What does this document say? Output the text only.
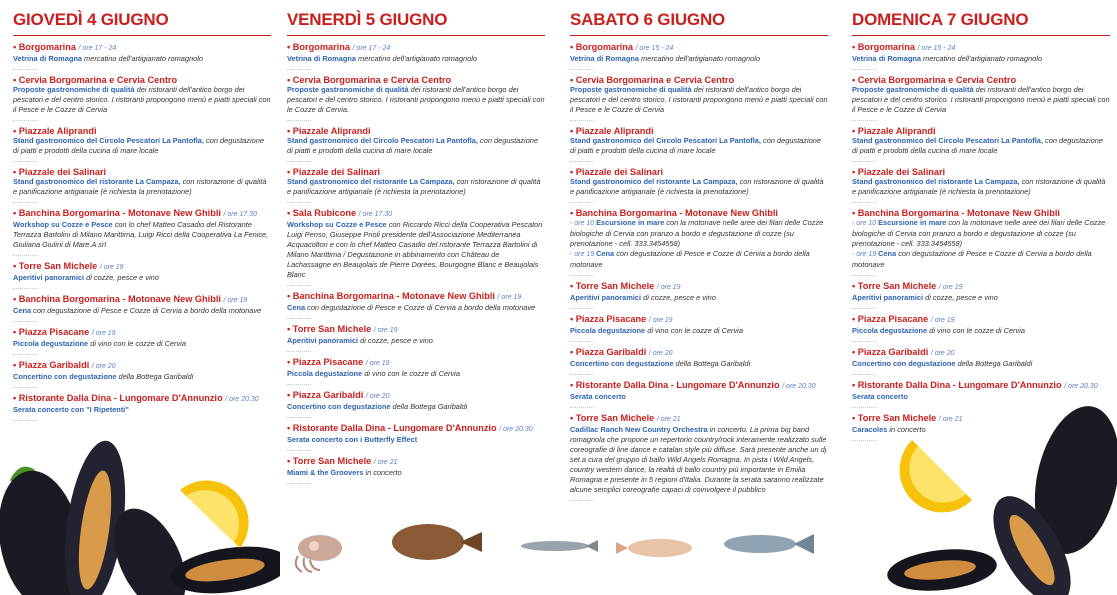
GIOVEDÌ 4 GIUGNO
• Borgomarina / ore 17 - 24
Vetrina di Romagna mercatino dell'artigianato romagnolo
• Cervia Borgomarina e Cervia Centro
Proposte gastronomiche di qualità dei ristoranti dell'antico borgo dei pescatori e del centro storico. I ristoranti propongono menù e piatti speciali con il Pesce e le Cozze di Cervia
• Piazzale Aliprandi
Stand gastronomico del Circolo Pescatori La Pantofla, con degustazione di piatti e prodotti della cucina di mare locale
• Piazzale dei Salinari
Stand gastronomico del ristorante La Campaza, con ristorazione di qualità e panificazione artigianale (è richiesta la prenotazione)
• Banchina Borgomarina - Motonave New Ghibli / ore 17.30
Workshop su Cozze e Pesce con lo chef Matteo Casadio del Ristorante Terrazza Bartolini di Milano Marittima, Luigi Ricci della Cooperativa La Fenice, Giuliana Giulini di Mare.A srl
• Torre San Michele / ore 19
Aperitivi panoramici di cozze, pesce e vino
• Banchina Borgomarina - Motonave New Ghibli / ore 19
Cena con degustazione di Pesce e Cozze di Cervia a bordo della motonave
• Piazza Pisacane / ore 19
Piccola degustazione di vino con le cozze di Cervia
• Piazza Garibaldi / ore 20
Concertino con degustazione della Bottega Garibaldi
• Ristorante Dalla Dina - Lungomare D'Annunzio / ore 20.30
Serata concerto con "I Ripetenti"
VENERDÌ 5 GIUGNO
• Borgomarina / ore 17 - 24
Vetrina di Romagna mercatino dell'artigianato romagnolo
• Cervia Borgomarina e Cervia Centro
Proposte gastronomiche di qualità dei ristoranti dell'antico borgo dei pescatori e del centro storico. I ristoranti propongono menù e piatti speciali con le Cozze di Cervia.
• Piazzale Aliprandi
Stand gastronomico del Circolo Pescatori La Pantofla, con degustazione di piatti e prodotti della cucina di mare locale
• Piazzale dei Salinari
Stand gastronomico del ristorante La Campaza, con ristorazione di qualità e panificazione artigianale (è richiesta la prenotazione)
• Sala Rubicone / ore 17.30
Workshop su Cozze e Pesce con Riccardo Ricci della Cooperativa Pescatori Luigi Penso, Giuseppe Prioli presidente dell'Associazione Mediterranea Acquacoltori e con lo chef Matteo Casadio del ristorante Terrazza Bartolini di Milano Marittima / Degustazione in abbinamento con Château de Lachassagne en Beaujolais de Pierre Dorées, Bourgogne Blanc e Beaujolais Blanc
• Banchina Borgomarina - Motonave New Ghibli / ore 19
Cena con degustazione di Pesce e Cozze di Cervia a bordo della motonave
• Torre San Michele / ore 19
Aperitivi panoramici di cozze, pesce e vino
• Piazza Pisacane / ore 19
Piccola degustazione di vino con le cozze di Cervia
• Piazza Garibaldi / ore 20
Concertino con degustazione della Bottega Garibaldi
• Ristorante Dalla Dina - Lungomare D'Annunzio / ore 20.30
Serata concerto con i Butterfly Effect
• Torre San Michele / ore 21
Miami & the Groovers in concerto
SABATO 6 GIUGNO
• Borgomarina / ore 15 - 24
Vetrina di Romagna mercatino dell'artigianato romagnolo
• Cervia Borgomarina e Cervia Centro
Proposte gastronomiche di qualità dei ristoranti dell'antico borgo dei pescatori e del centro storico. I ristoranti propongono menù e piatti speciali con il Pesce e le Cozze di Cervia
• Piazzale Aliprandi
Stand gastronomico del Circolo Pescatori La Pantofla, con degustazione di piatti e prodotti della cucina di mare locale
• Piazzale dei Salinari
Stand gastronomico del ristorante La Campaza, con ristorazione di qualità e panificazione artigianale (è richiesta la prenotazione)
• Banchina Borgomarina - Motonave New Ghibli
- ore 10 Escursione in mare con la motonave nelle aree dei filari delle Cozze biologiche di Cervia con pranzo a bordo e degustazione di cozze (su prenotazione - cell. 333.3454558)
- ore 19 Cena con degustazione di Pesce e Cozze di Cervia a bordo della motonave
• Torre San Michele / ore 19
Aperitivi panoramici di cozze, pesce e vino
• Piazza Pisacane / ore 19
Piccola degustazione di vino con le cozze di Cervia
• Piazza Garibaldi / ore 20
Concertino con degustazione della Bottega Garibaldi
• Ristorante Dalla Dina - Lungomare D'Annunzio / ore 20.30
Serata concerto
• Torre San Michele / ore 21
Cadillac Ranch New Country Orchestra in concerto. La prima big band romagnola che propone un repertorio country/rock interamente realizzato sulle coreografie di line dance e catalan style più diffuse. Sarà presente anche un dj set a cura del gruppo di ballo Wild Angels Romagna. In pista i Wild Angels, country western dance, la realtà di ballo country più importante in Emilia Romagna e presente in 5 regioni d'Italia. Durante la serata saranno realizzate alcune semplici coreografie capaci di coinvolgere il pubblico
DOMENICA 7 GIUGNO
• Borgomarina / ore 15 - 24
Vetrina di Romagna mercatino dell'artigianato romagnolo
• Cervia Borgomarina e Cervia Centro
Proposte gastronomiche di qualità dei ristoranti dell'antico borgo dei pescatori e del centro storico. I ristoranti propongono menù e piatti speciali con il Pesce e le Cozze di Cervia
• Piazzale Aliprandi
Stand gastronomico del Circolo Pescatori La Pantofla, con degustazione di piatti e prodotti della cucina di mare locale
• Piazzale dei Salinari
Stand gastronomico del ristorante La Campaza, con ristorazione di qualità e panificazione artigianale (è richiesta la prenotazione)
• Banchina Borgomarina - Motonave New Ghibli
- ore 10 Escursione in mare con la motonave nelle aree dei filari delle Cozze biologiche di Cervia con pranzo a bordo e degustazione di cozze (su prenotazione - cell. 333.3454558)
- ore 19 Cena con degustazione di Pesce e Cozze di Cervia a bordo della motonave
• Torre San Michele / ore 19
Aperitivi panoramici di cozze, pesce e vino
• Piazza Pisacane / ore 19
Piccola degustazione di vino con le cozze di Cervia
• Piazza Garibaldi / ore 20
Concertino con degustazione della Bottega Garibaldi
• Ristorante Dalla Dina - Lungomare D'Annunzio / ore 20.30
Serata concerto
• Torre San Michele / ore 21
Caracoles in concerto
